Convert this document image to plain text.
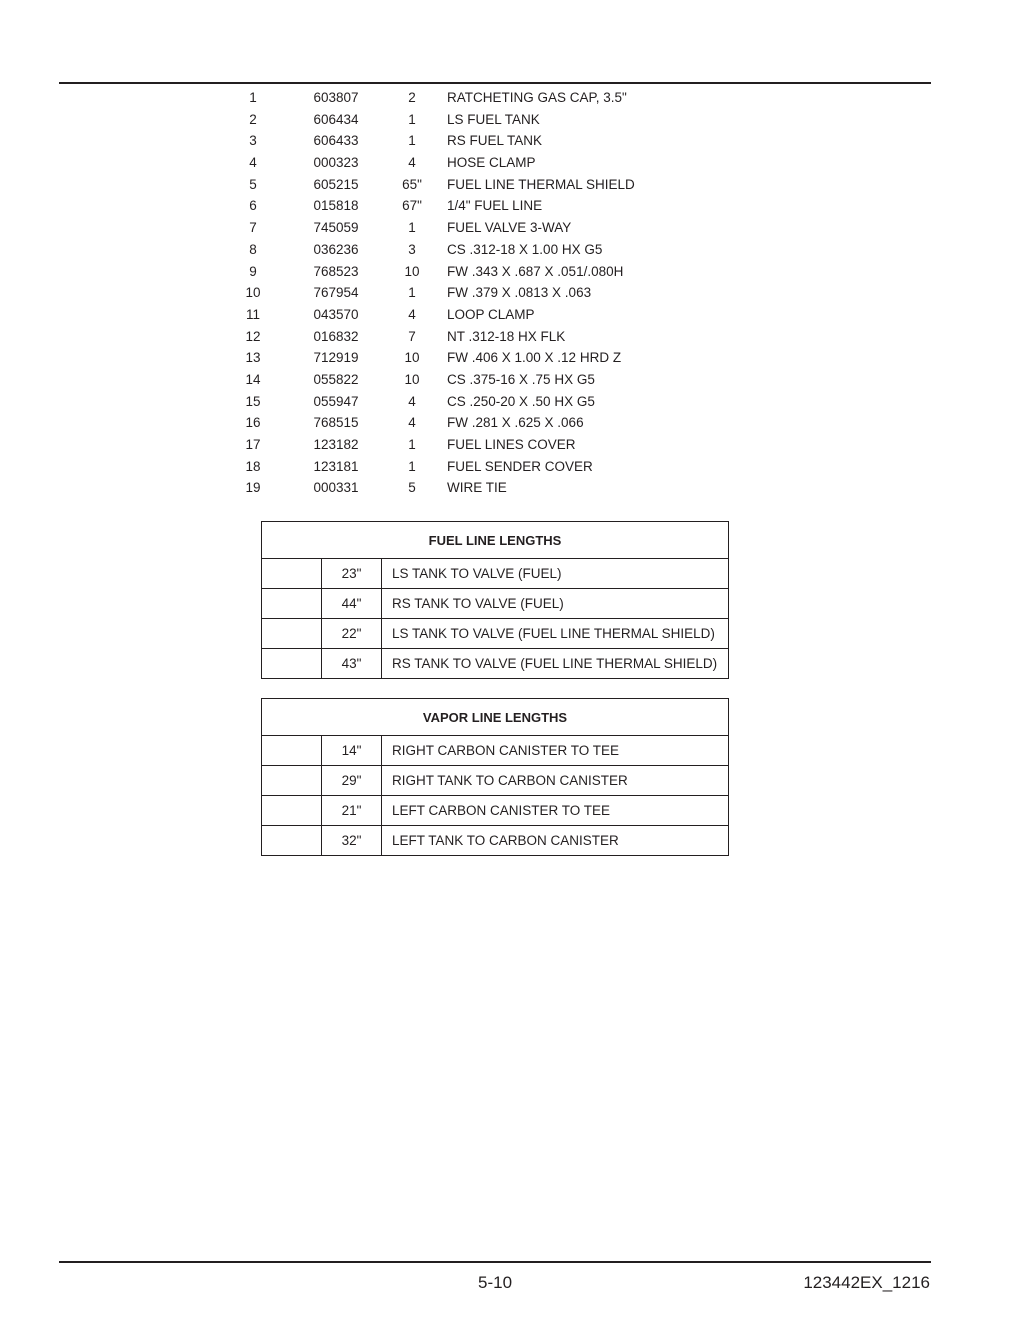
1	603807	2	RATCHETING GAS CAP, 3.5"
2	606434	1	LS FUEL TANK
3	606433	1	RS FUEL TANK
4	000323	4	HOSE CLAMP
5	605215	65"	FUEL LINE THERMAL SHIELD
6	015818	67"	1/4" FUEL LINE
7	745059	1	FUEL VALVE 3-WAY
8	036236	3	CS .312-18 X 1.00 HX G5
9	768523	10	FW .343 X .687 X .051/.080H
10	767954	1	FW .379 X .0813 X .063
11	043570	4	LOOP CLAMP
12	016832	7	NT .312-18 HX FLK
13	712919	10	FW .406 X 1.00 X .12 HRD Z
14	055822	10	CS .375-16 X .75 HX G5
15	055947	4	CS .250-20 X .50 HX G5
16	768515	4	FW .281 X .625 X .066
17	123182	1	FUEL LINES COVER
18	123181	1	FUEL SENDER COVER
19	000331	5	WIRE TIE
FUEL LINE LENGTHS		
	23"	LS TANK TO VALVE (FUEL)
	44"	RS TANK TO VALVE (FUEL)
	22"	LS TANK TO VALVE (FUEL LINE THERMAL SHIELD)
	43"	RS TANK TO VALVE (FUEL LINE THERMAL SHIELD)
VAPOR LINE LENGTHS		
	14"	RIGHT CARBON CANISTER TO TEE
	29"	RIGHT TANK TO CARBON CANISTER
	21"	LEFT CARBON CANISTER TO TEE
	32"	LEFT TANK TO CARBON CANISTER
5-10	123442EX_1216
